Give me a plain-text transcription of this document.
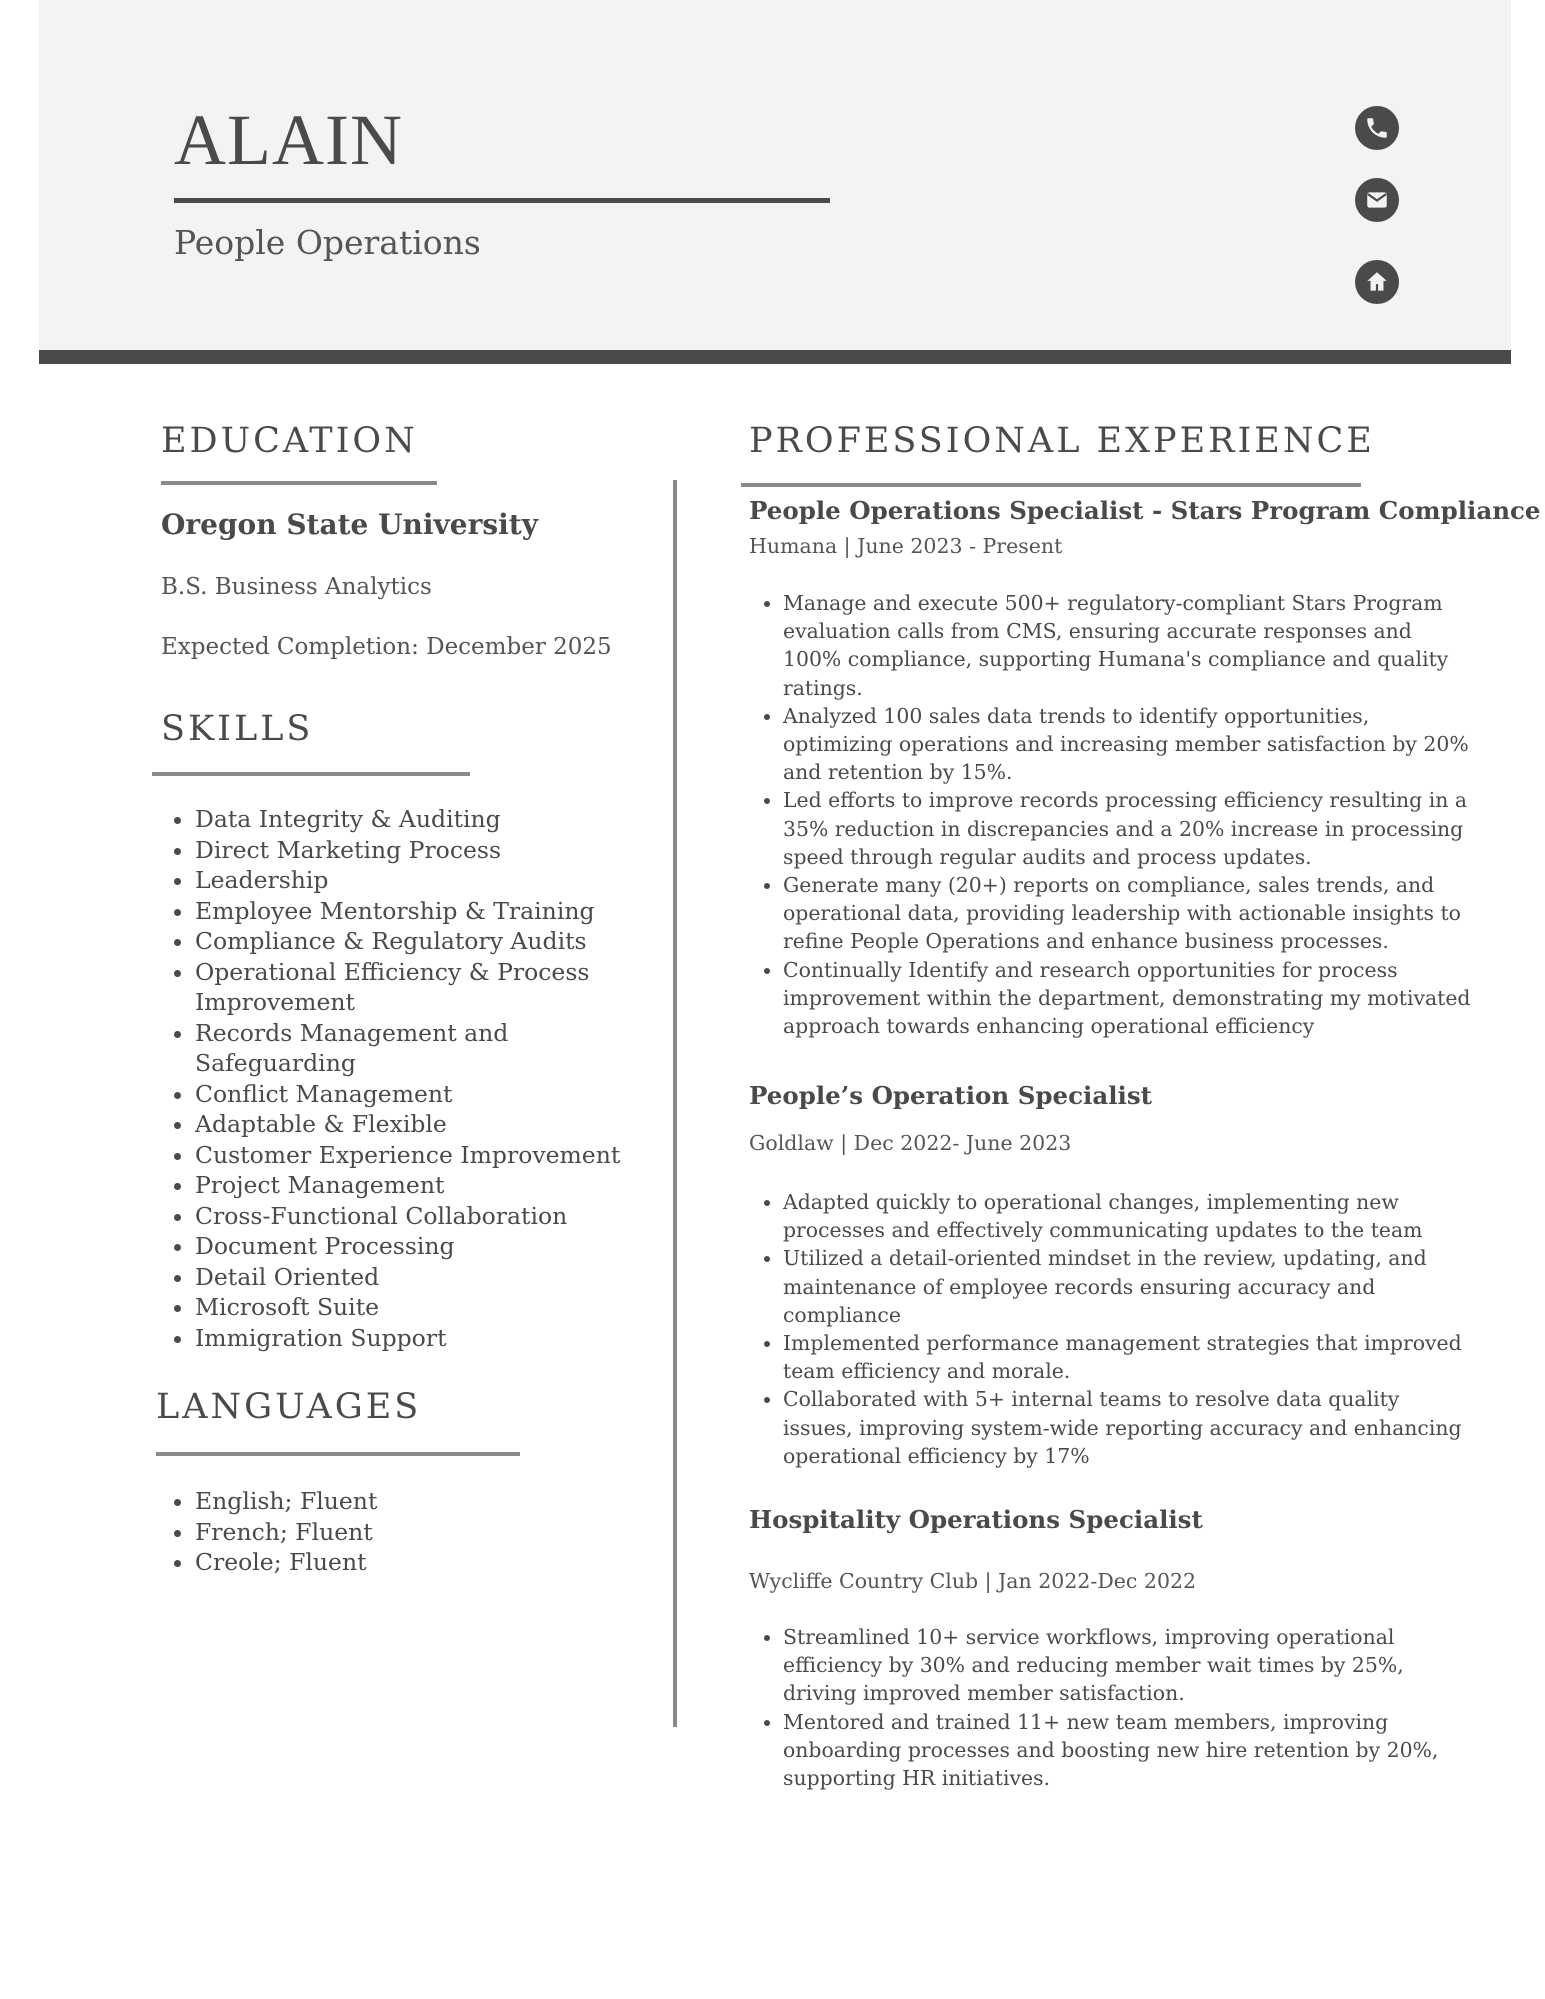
ALAIN
People Operations
EDUCATION
Oregon State University
B.S. Business Analytics
Expected Completion: December 2025
SKILLS
• Data Integrity & Auditing
• Direct Marketing Process
• Leadership
• Employee Mentorship & Training
• Compliance & Regulatory Audits
• Operational Efficiency & Process Improvement
• Records Management and Safeguarding
• Conflict Management
• Adaptable & Flexible
• Customer Experience Improvement
• Project Management
• Cross-Functional Collaboration
• Document Processing
• Detail Oriented
• Microsoft Suite
• Immigration Support
LANGUAGES
• English; Fluent
• French; Fluent
• Creole; Fluent
PROFESSIONAL EXPERIENCE
People Operations Specialist - Stars Program Compliance
Humana | June 2023 - Present
• Manage and execute 500+ regulatory-compliant Stars Program evaluation calls from CMS, ensuring accurate responses and 100% compliance, supporting Humana's compliance and quality ratings.
• Analyzed 100 sales data trends to identify opportunities, optimizing operations and increasing member satisfaction by 20% and retention by 15%.
• Led efforts to improve records processing efficiency resulting in a 35% reduction in discrepancies and a 20% increase in processing speed through regular audits and process updates.
• Generate many (20+) reports on compliance, sales trends, and operational data, providing leadership with actionable insights to refine People Operations and enhance business processes.
• Continually Identify and research opportunities for process improvement within the department, demonstrating my motivated approach towards enhancing operational efficiency
People’s Operation Specialist
Goldlaw | Dec 2022- June 2023
• Adapted quickly to operational changes, implementing new processes and effectively communicating updates to the team
• Utilized a detail-oriented mindset in the review, updating, and maintenance of employee records ensuring accuracy and compliance
• Implemented performance management strategies that improved team efficiency and morale.
• Collaborated with 5+ internal teams to resolve data quality issues, improving system-wide reporting accuracy and enhancing operational efficiency by 17%
Hospitality Operations Specialist
Wycliffe Country Club | Jan 2022-Dec 2022
• Streamlined 10+ service workflows, improving operational efficiency by 30% and reducing member wait times by 25%, driving improved member satisfaction.
• Mentored and trained 11+ new team members, improving onboarding processes and boosting new hire retention by 20%, supporting HR initiatives.
